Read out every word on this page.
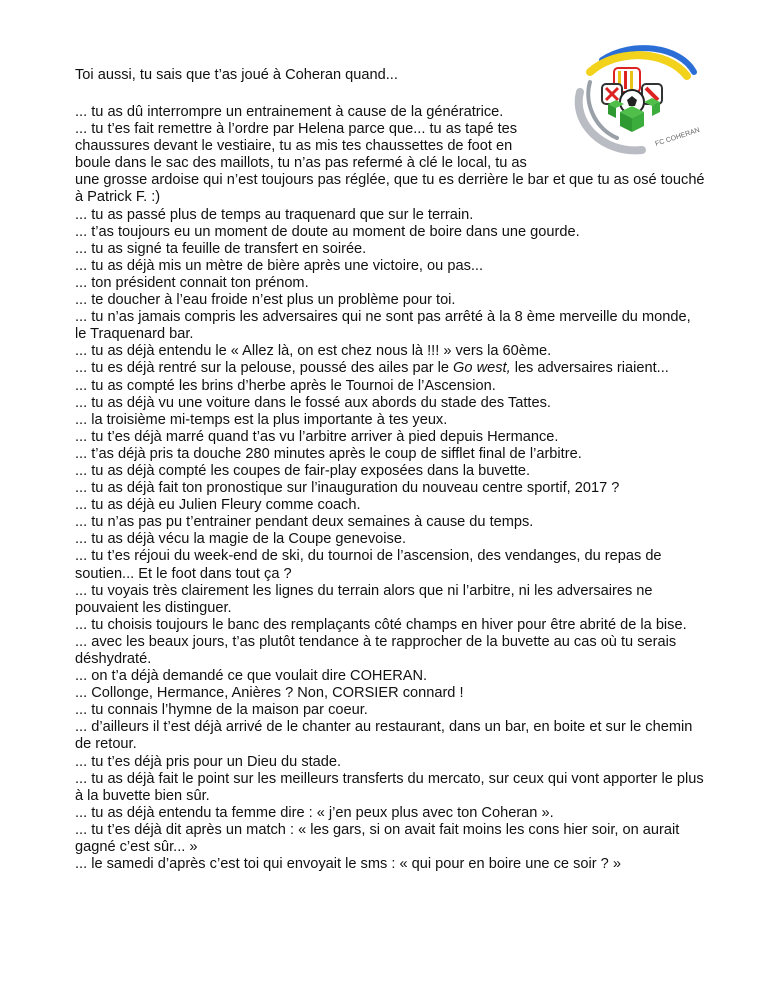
Toi aussi, tu sais que t’as joué à Coheran quand...
FC COHERAN
... tu as dû interrompre un entrainement à cause de la génératrice.
... tu t’es fait remettre à l’ordre par Helena parce que... tu as tapé tes chaussures devant le vestiaire, tu as mis tes chaussettes de foot en boule dans le sac des maillots, tu n’as pas refermé à clé le local, tu as une grosse ardoise qui n’est toujours pas réglée, que tu es derrière le bar et que tu as osé touché à Patrick F. :)
... tu as passé plus de temps au traquenard que sur le terrain.
... t’as toujours eu un moment de doute au moment de boire dans une gourde.
... tu as signé ta feuille de transfert en soirée.
... tu as déjà mis un mètre de bière après une victoire, ou pas...
... ton président connait ton prénom.
... te doucher à l’eau froide n’est plus un problème pour toi.
... tu n’as jamais compris les adversaires qui ne sont pas arrêté à la 8 ème merveille du monde, le Traquenard bar.
... tu as déjà entendu le « Allez là, on est chez nous là !!! » vers la 60ème.
... tu es déjà rentré sur la pelouse, poussé des ailes par le Go west, les adversaires riaient...
... tu as compté les brins d’herbe après le Tournoi de l’Ascension.
... tu as déjà vu une voiture dans le fossé aux abords du stade des Tattes.
... la troisième mi-temps est la plus importante à tes yeux.
... tu t’es déjà marré quand t’as vu l’arbitre arriver à pied depuis Hermance.
... t’as déjà pris ta douche 280 minutes après le coup de sifflet final de l’arbitre.
... tu as déjà compté les coupes de fair-play exposées dans la buvette.
... tu as déjà fait ton pronostique sur l’inauguration du nouveau centre sportif, 2017 ?
... tu as déjà eu Julien Fleury comme coach.
... tu n’as pas pu t’entrainer pendant deux semaines à cause du temps.
... tu as déjà vécu la magie de la Coupe genevoise.
... tu t’es réjoui du week-end de ski, du tournoi de l’ascension, des vendanges, du repas de soutien... Et le foot dans tout ça ?
... tu voyais très clairement les lignes du terrain alors que ni l’arbitre, ni les adversaires ne pouvaient les distinguer.
... tu choisis toujours le banc des remplaçants côté champs en hiver pour être abrité de la bise.
... avec les beaux jours, t’as plutôt tendance à te rapprocher de la buvette au cas où tu serais déshydraté.
... on t’a déjà demandé ce que voulait dire COHERAN.
... Collonge, Hermance, Anières ? Non, CORSIER connard !
... tu connais l’hymne de la maison par coeur.
... d’ailleurs il t’est déjà arrivé de le chanter au restaurant, dans un bar, en boite et sur le chemin de retour.
... tu t’es déjà pris pour un Dieu du stade.
... tu as déjà fait le point sur les meilleurs transferts du mercato, sur ceux qui vont apporter le plus à la buvette bien sûr.
... tu as déjà entendu ta femme dire : « j’en peux plus avec ton Coheran ».
... tu t’es déjà dit après un match : « les gars, si on avait fait moins les cons hier soir, on aurait gagné c’est sûr... »
... le samedi d’après c’est toi qui envoyait le sms : « qui pour en boire une ce soir ? »
